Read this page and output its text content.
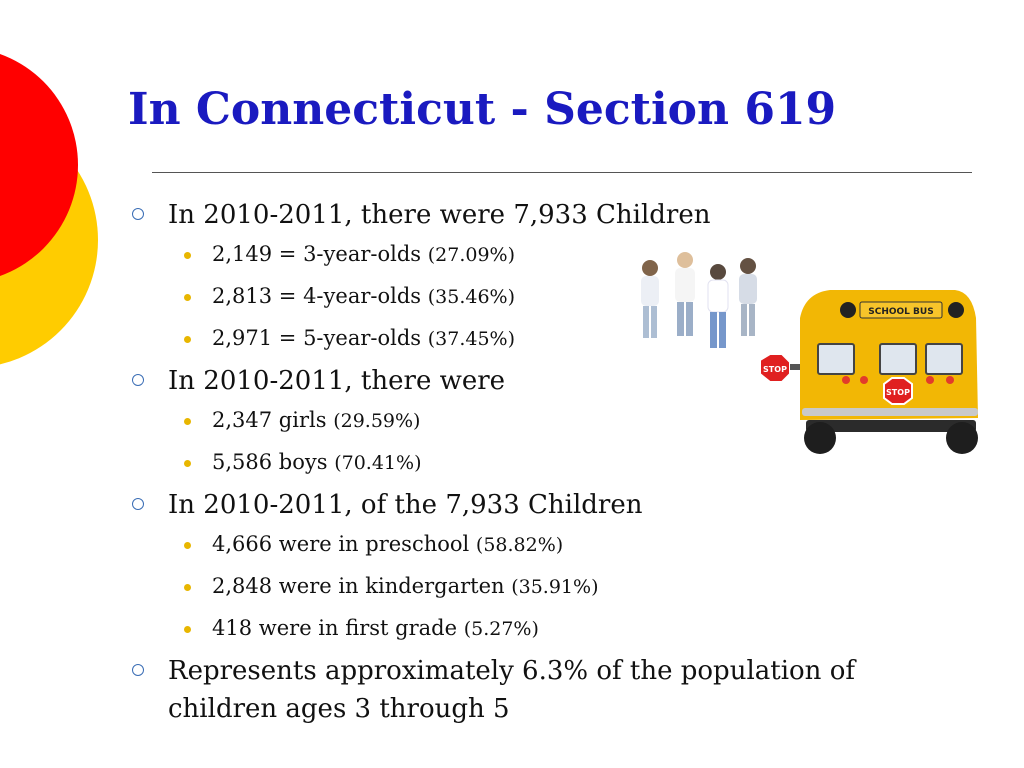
In Connecticut - Section 619
In 2010-2011, there were 7,933 Children
2,149 = 3-year-olds (27.09%)
2,813 = 4-year-olds (35.46%)
2,971 = 5-year-olds (37.45%)
In 2010-2011, there were
2,347 girls (29.59%)
5,586 boys (70.41%)
In 2010-2011, of the 7,933 Children
4,666 were in preschool (58.82%)
2,848 were in kindergarten (35.91%)
418 were in first grade (5.27%)
Represents approximately 6.3% of the population of children ages 3 through 5
STOP
SCHOOL BUS
STOP
